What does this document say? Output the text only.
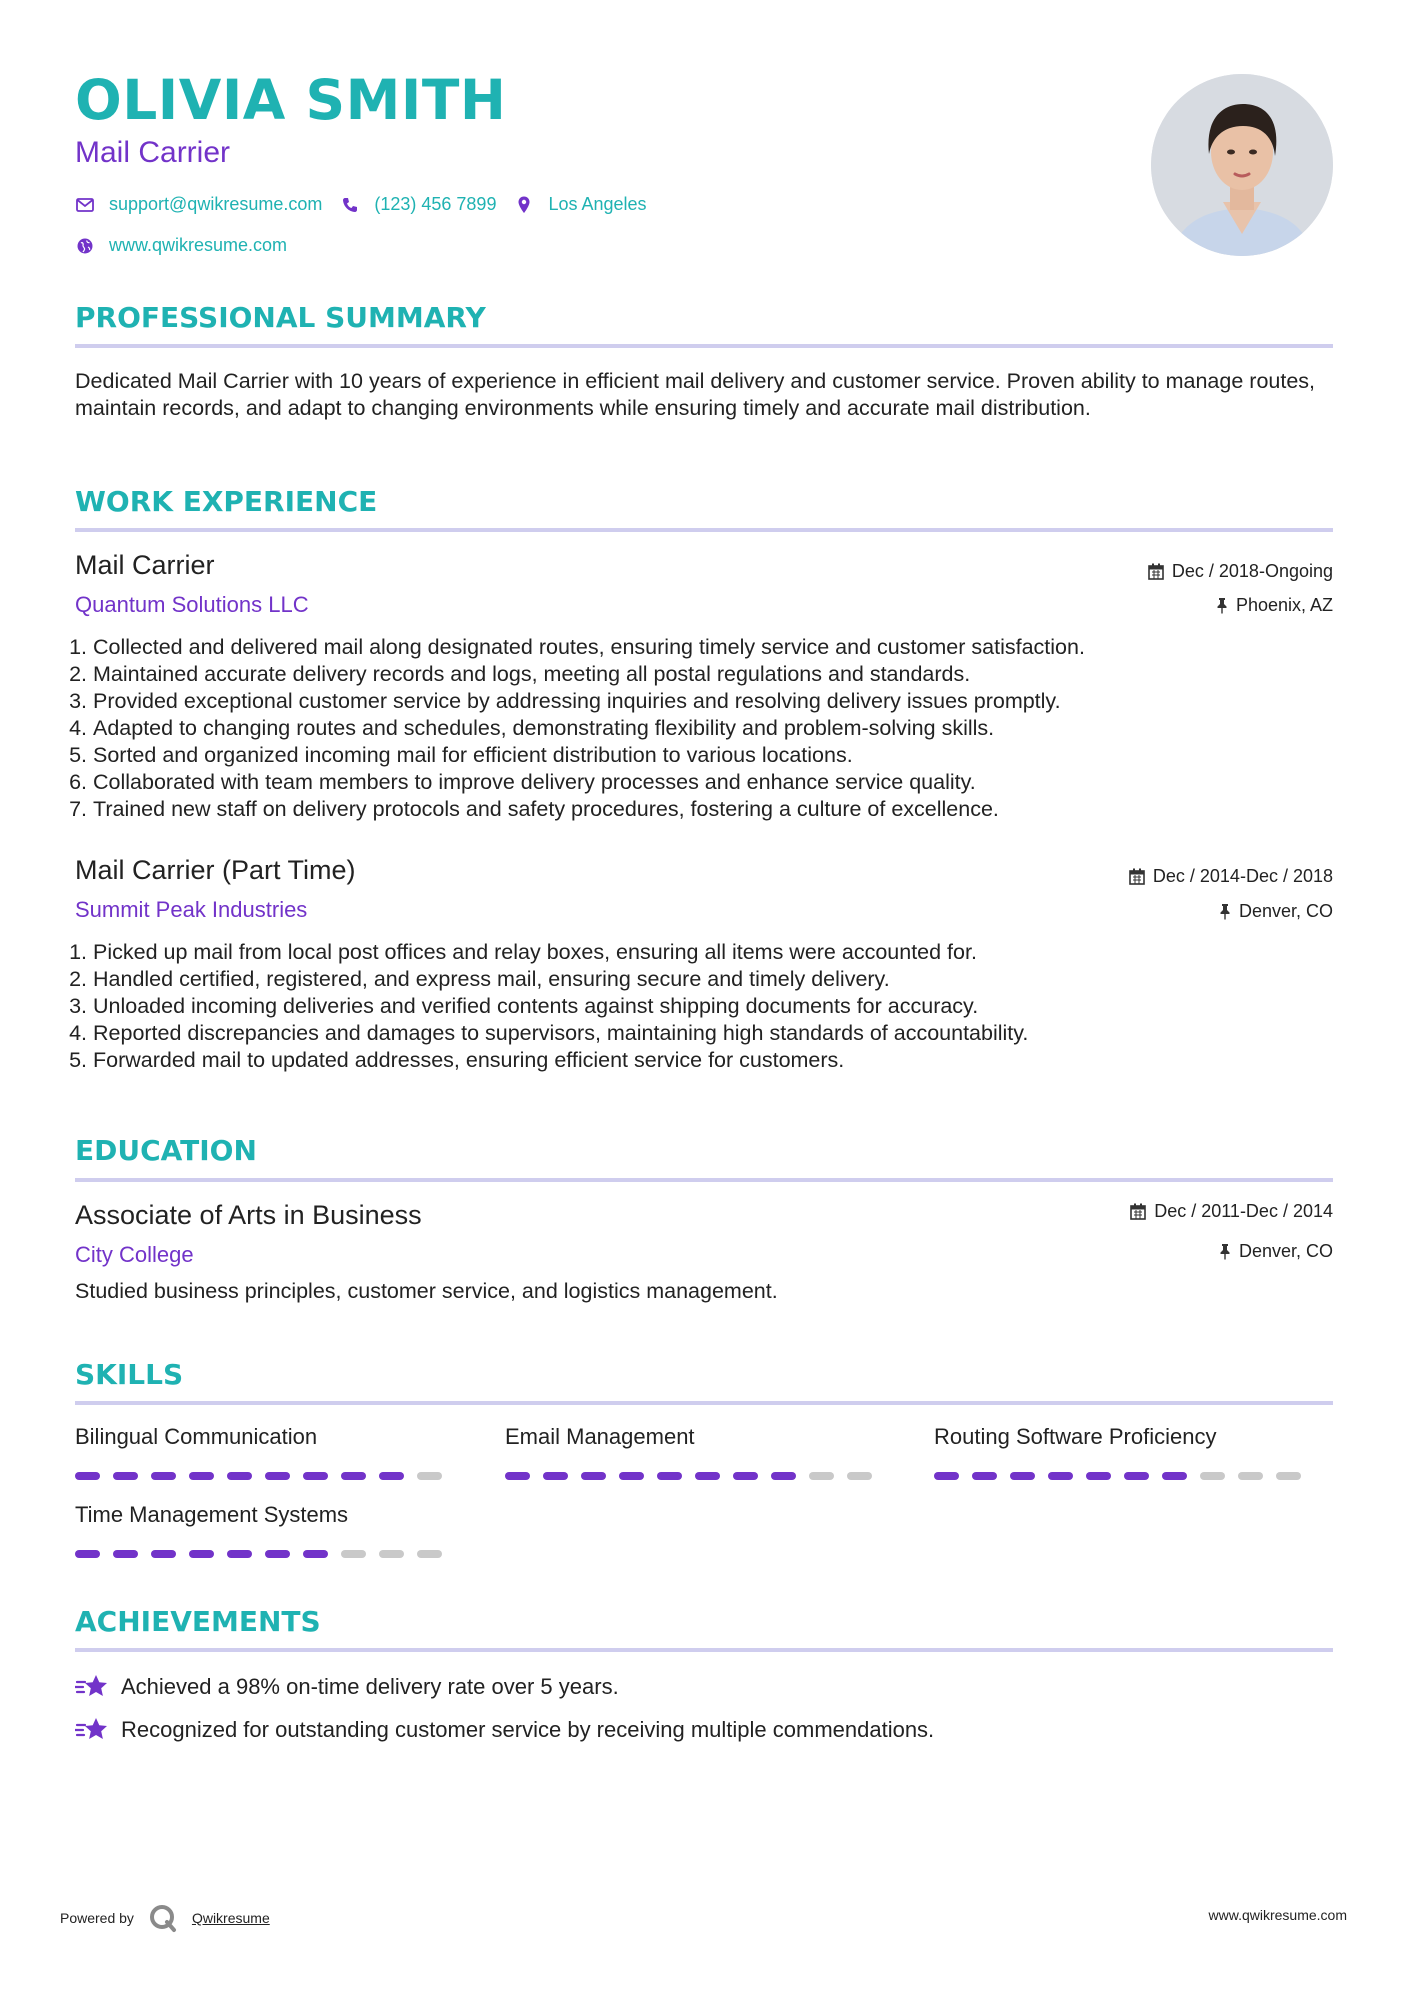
OLIVIA SMITH

Mail Carrier

support@qwikresume.com	(123) 456 7899	Los Angeles
www.qwikresume.com
PROFESSIONAL SUMMARY

Dedicated Mail Carrier with 10 years of experience in efficient mail delivery and customer service. Proven ability to manage routes, maintain records, and adapt to changing environments while ensuring timely and accurate mail distribution.

WORK EXPERIENCE

Mail Carrier

Quantum Solutions LLC

Dec / 2018-Ongoing
Phoenix, AZ
1. Collected and delivered mail along designated routes, ensuring timely service and customer satisfaction.
2. Maintained accurate delivery records and logs, meeting all postal regulations and standards.
3. Provided exceptional customer service by addressing inquiries and resolving delivery issues promptly.
4. Adapted to changing routes and schedules, demonstrating flexibility and problem-solving skills.
5. Sorted and organized incoming mail for efficient distribution to various locations.
6. Collaborated with team members to improve delivery processes and enhance service quality.
7. Trained new staff on delivery protocols and safety procedures, fostering a culture of excellence.

Mail Carrier (Part Time)

Summit Peak Industries

Dec / 2014-Dec / 2018
Denver, CO
1. Picked up mail from local post offices and relay boxes, ensuring all items were accounted for.
2. Handled certified, registered, and express mail, ensuring secure and timely delivery.
3. Unloaded incoming deliveries and verified contents against shipping documents for accuracy.
4. Reported discrepancies and damages to supervisors, maintaining high standards of accountability.
5. Forwarded mail to updated addresses, ensuring efficient service for customers.
EDUCATION

Associate of Arts in Business

City College

Dec / 2011-Dec / 2014
Denver, CO

Studied business principles, customer service, and logistics management.

SKILLS

Bilingual Communication	Email Management	Routing Software Proficiency

Time Management Systems

ACHIEVEMENTS
Achieved a 98% on-time delivery rate over 5 years.
Recognized for outstanding customer service by receiving multiple commendations.
Powered by	Qwikresume	www.qwikresume.com
